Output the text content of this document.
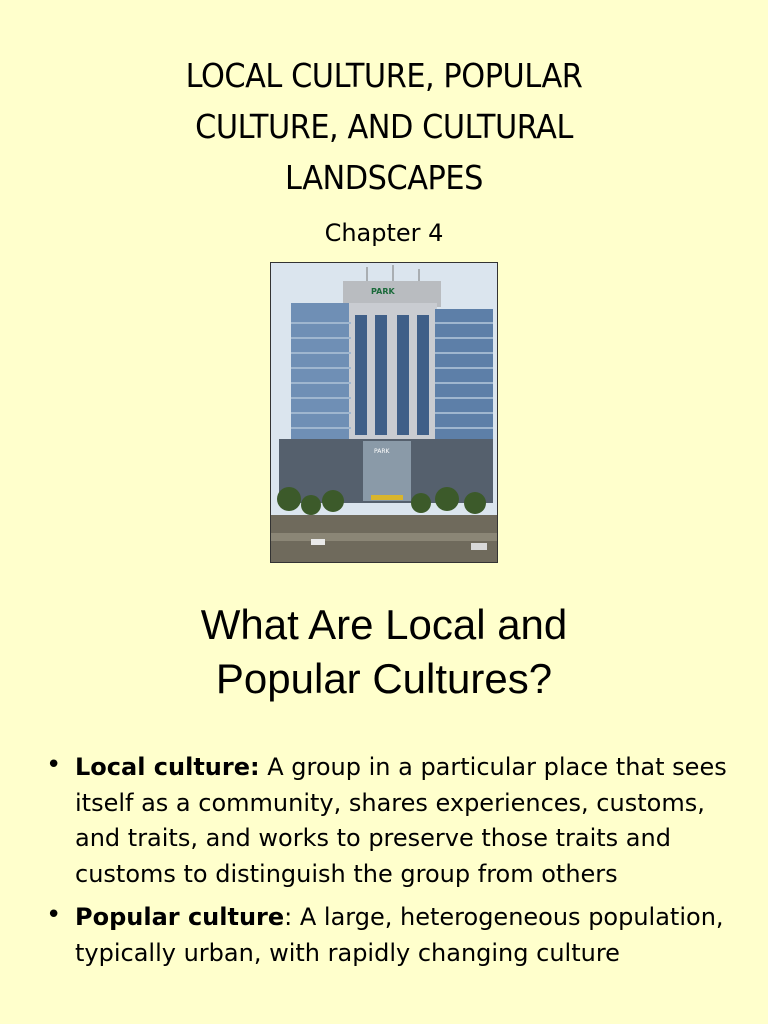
LOCAL CULTURE, POPULAR
CULTURE, AND CULTURAL
LANDSCAPES
Chapter 4
PARK
PARK
What Are Local and
Popular Cultures?
• Local culture: A group in a particular place that sees itself as a community, shares experiences, customs, and traits, and works to preserve those traits and customs to distinguish the group from others
• Popular culture: A large, heterogeneous population, typically urban, with rapidly changing culture
